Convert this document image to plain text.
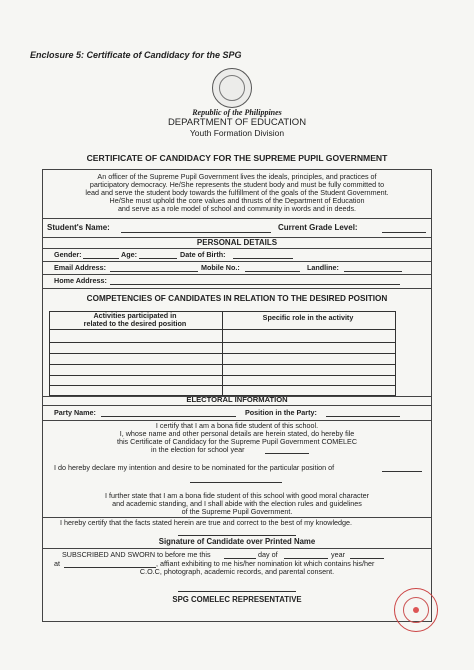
Enclosure 5: Certificate of Candidacy for the SPG
Republic of the Philippines
DEPARTMENT OF EDUCATION
Youth Formation Division
CERTIFICATE OF CANDIDACY FOR THE SUPREME PUPIL GOVERNMENT
An officer of the Supreme Pupil Government lives the ideals, principles, and practices of
participatory democracy. He/She represents the student body and must be fully committed to
lead and serve the student body towards the fulfillment of the goals of the Student Government.
He/She must uphold the core values and thrusts of the Department of Education
and serve as a role model of school and community in words and in deeds.
Student's Name:	Current Grade Level:
PERSONAL DETAILS
Gender:	Age:	Date of Birth:
Email Address:	Mobile No.:	Landline:
Home Address:
COMPETENCIES OF CANDIDATES IN RELATION TO THE DESIRED POSITION
Activities participated in
related to the desired position
Specific role in the activity
ELECTORAL INFORMATION
Party Name:	Position in the Party:
I certify that I am a bona fide student of this school.
I, whose name and other personal details are herein stated, do hereby file
this Certificate of Candidacy for the Supreme Pupil Government COMELEC
in the election for school year
I do hereby declare my intention and desire to be nominated for the particular position of
I further state that I am a bona fide student of this school with good moral character
and academic standing, and I shall abide with the election rules and guidelines
of the Supreme Pupil Government.
I hereby certify that the facts stated herein are true and correct to the best of my knowledge.
Signature of Candidate over Printed Name
SUBSCRIBED AND SWORN to before me this	day of	year
at	, affiant exhibiting to me his/her nomination kit which contains his/her
C.O.C, photograph, academic records, and parental consent.
SPG COMELEC REPRESENTATIVE
